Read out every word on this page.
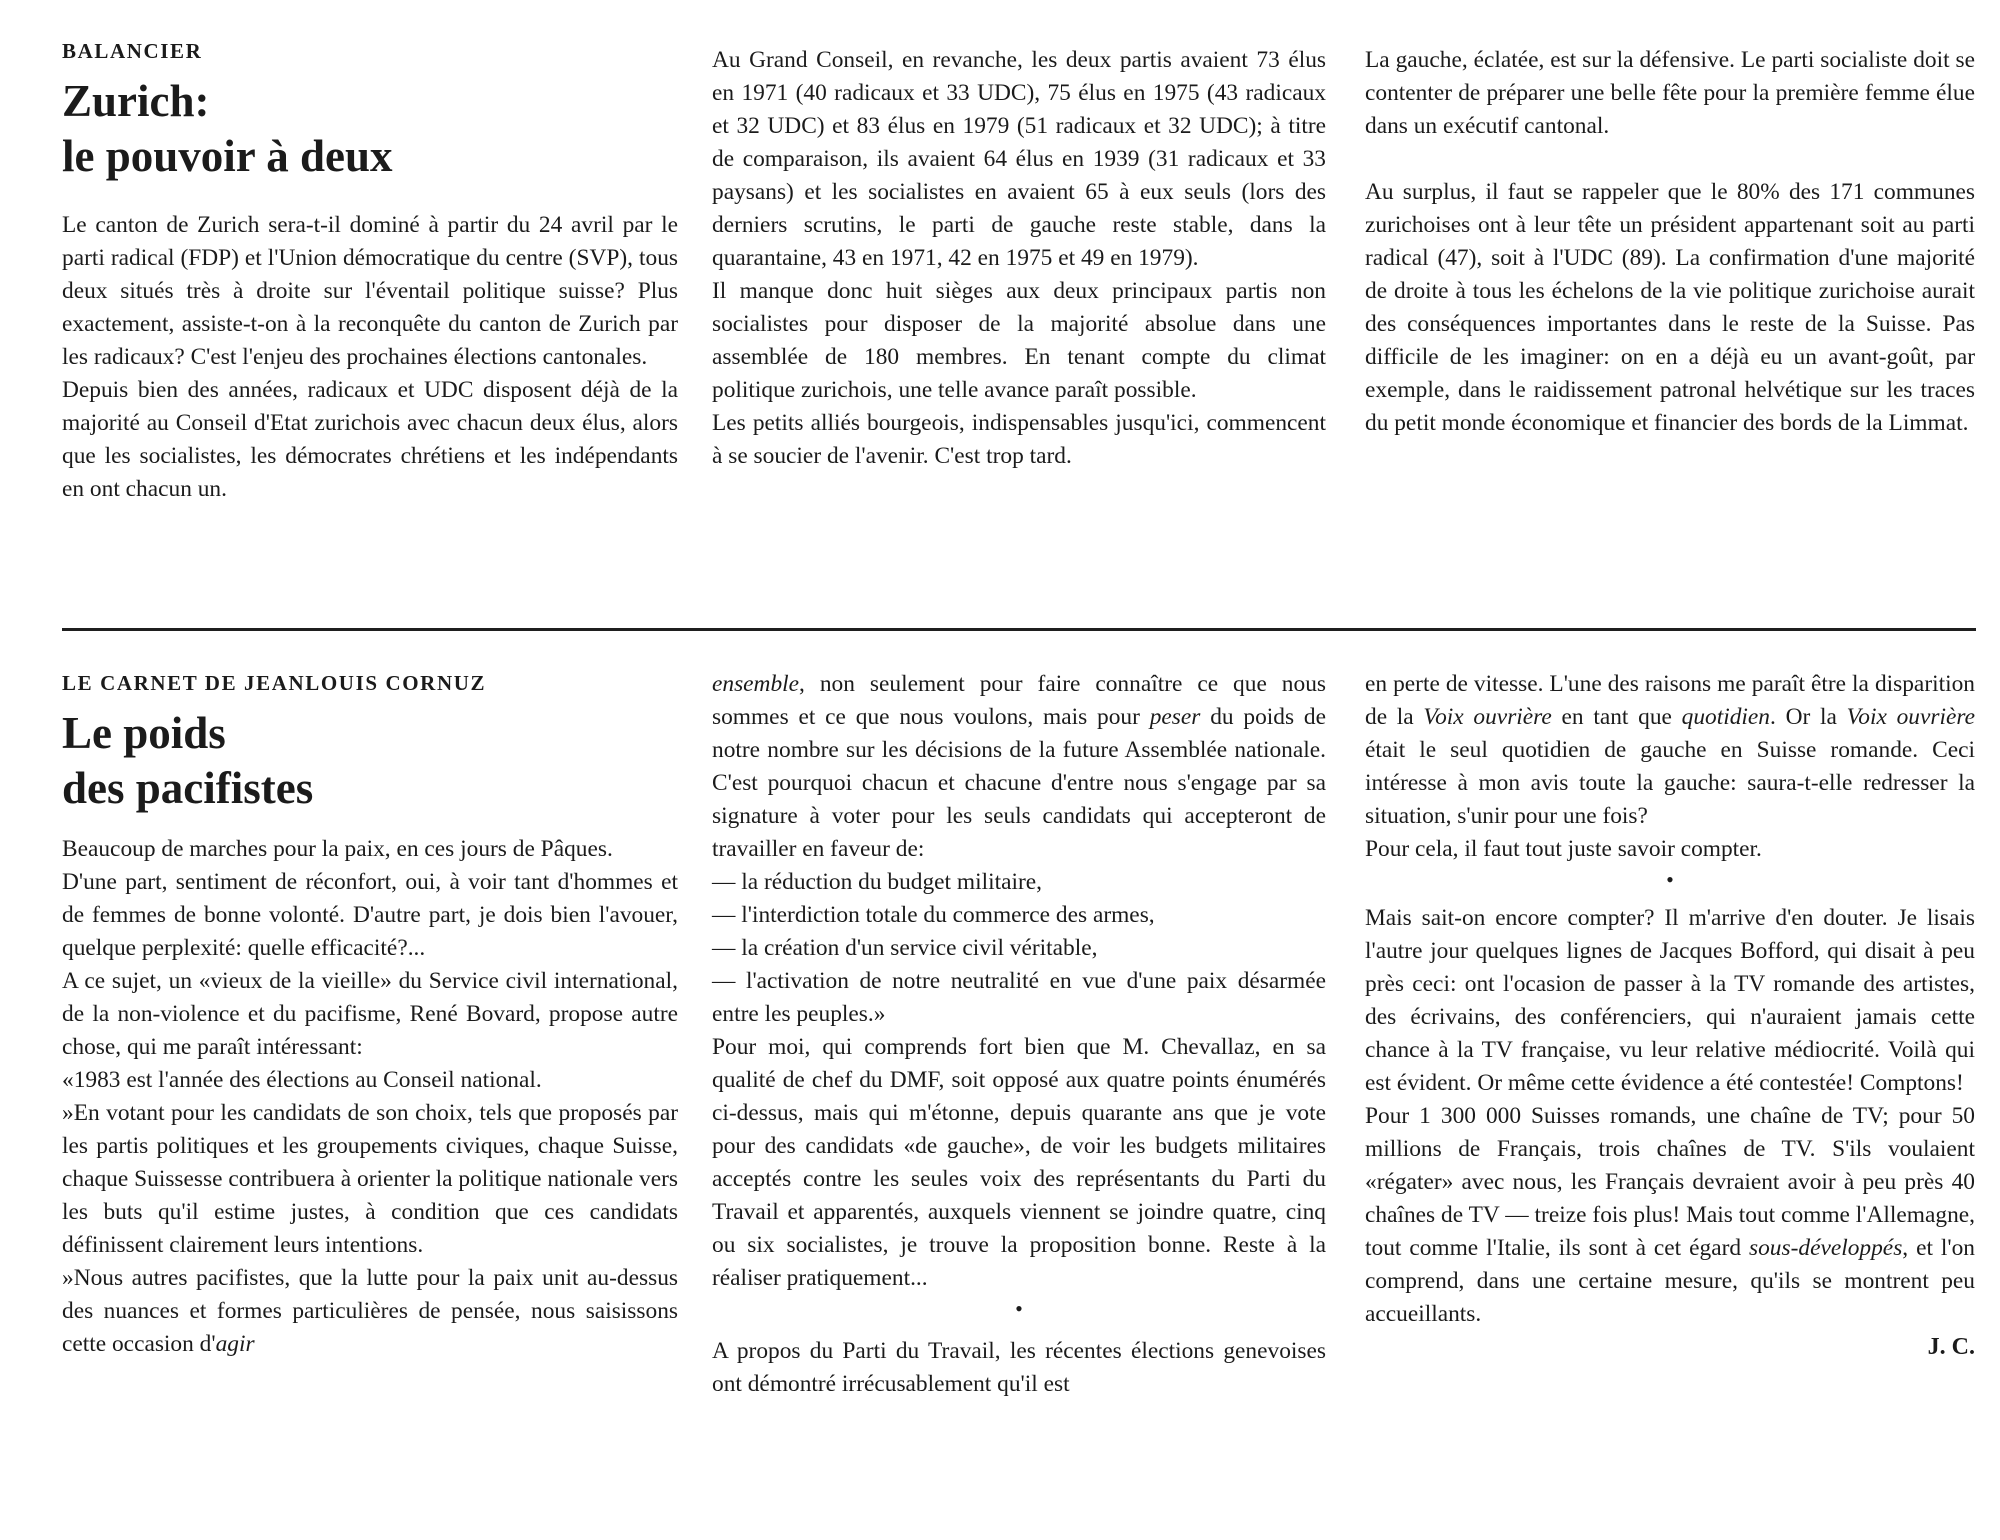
BALANCIER
Zurich:
le pouvoir à deux

Le canton de Zurich sera-t-il dominé à partir du 24 avril par le parti radical (FDP) et l'Union démocratique du centre (SVP), tous deux situés très à droite sur l'éventail politique suisse? Plus exactement, assiste-t-on à la reconquête du canton de Zurich par les radicaux? C'est l'enjeu des prochaines élections cantonales.

Depuis bien des années, radicaux et UDC disposent déjà de la majorité au Conseil d'Etat zurichois avec chacun deux élus, alors que les socialistes, les démocrates chrétiens et les indépendants en ont chacun un.

Au Grand Conseil, en revanche, les deux partis avaient 73 élus en 1971 (40 radicaux et 33 UDC), 75 élus en 1975 (43 radicaux et 32 UDC) et 83 élus en 1979 (51 radicaux et 32 UDC); à titre de comparaison, ils avaient 64 élus en 1939 (31 radicaux et 33 paysans) et les socialistes en avaient 65 à eux seuls (lors des derniers scrutins, le parti de gauche reste stable, dans la quarantaine, 43 en 1971, 42 en 1975 et 49 en 1979).

Il manque donc huit sièges aux deux principaux partis non socialistes pour disposer de la majorité absolue dans une assemblée de 180 membres. En tenant compte du climat politique zurichois, une telle avance paraît possible.

Les petits alliés bourgeois, indispensables jusqu'ici, commencent à se soucier de l'avenir. C'est trop tard.

La gauche, éclatée, est sur la défensive. Le parti socialiste doit se contenter de préparer une belle fête pour la première femme élue dans un exécutif cantonal.

Au surplus, il faut se rappeler que le 80% des 171 communes zurichoises ont à leur tête un président appartenant soit au parti radical (47), soit à l'UDC (89). La confirmation d'une majorité de droite à tous les échelons de la vie politique zurichoise aurait des conséquences importantes dans le reste de la Suisse. Pas difficile de les imaginer: on en a déjà eu un avant-goût, par exemple, dans le raidissement patronal helvétique sur les traces du petit monde économique et financier des bords de la Limmat.

LE CARNET DE JEANLOUIS CORNUZ
Le poids
des pacifistes

Beaucoup de marches pour la paix, en ces jours de Pâques.

D'une part, sentiment de réconfort, oui, à voir tant d'hommes et de femmes de bonne volonté. D'autre part, je dois bien l'avouer, quelque perplexité: quelle efficacité?...

A ce sujet, un «vieux de la vieille» du Service civil international, de la non-violence et du pacifisme, René Bovard, propose autre chose, qui me paraît intéressant:

«1983 est l'année des élections au Conseil national.

»En votant pour les candidats de son choix, tels que proposés par les partis politiques et les groupements civiques, chaque Suisse, chaque Suissesse contribuera à orienter la politique nationale vers les buts qu'il estime justes, à condition que ces candidats définissent clairement leurs intentions.

»Nous autres pacifistes, que la lutte pour la paix unit au-dessus des nuances et formes particulières de pensée, nous saisissons cette occasion d'agir

ensemble, non seulement pour faire connaître ce que nous sommes et ce que nous voulons, mais pour peser du poids de notre nombre sur les décisions de la future Assemblée nationale. C'est pourquoi chacun et chacune d'entre nous s'engage par sa signature à voter pour les seuls candidats qui accepteront de travailler en faveur de:

— la réduction du budget militaire,

— l'interdiction totale du commerce des armes,

— la création d'un service civil véritable,

— l'activation de notre neutralité en vue d'une paix désarmée entre les peuples.»

Pour moi, qui comprends fort bien que M. Chevallaz, en sa qualité de chef du DMF, soit opposé aux quatre points énumérés ci-dessus, mais qui m'étonne, depuis quarante ans que je vote pour des candidats «de gauche», de voir les budgets militaires acceptés contre les seules voix des représentants du Parti du Travail et apparentés, auxquels viennent se joindre quatre, cinq ou six socialistes, je trouve la proposition bonne. Reste à la réaliser pratiquement...

•

A propos du Parti du Travail, les récentes élections genevoises ont démontré irrécusablement qu'il est

en perte de vitesse. L'une des raisons me paraît être la disparition de la Voix ouvrière en tant que quotidien. Or la Voix ouvrière était le seul quotidien de gauche en Suisse romande. Ceci intéresse à mon avis toute la gauche: saura-t-elle redresser la situation, s'unir pour une fois?

Pour cela, il faut tout juste savoir compter.

•

Mais sait-on encore compter? Il m'arrive d'en douter. Je lisais l'autre jour quelques lignes de Jacques Bofford, qui disait à peu près ceci: ont l'ocasion de passer à la TV romande des artistes, des écrivains, des conférenciers, qui n'auraient jamais cette chance à la TV française, vu leur relative médiocrité. Voilà qui est évident. Or même cette évidence a été contestée! Comptons!

Pour 1 300 000 Suisses romands, une chaîne de TV; pour 50 millions de Français, trois chaînes de TV. S'ils voulaient «régater» avec nous, les Français devraient avoir à peu près 40 chaînes de TV — treize fois plus! Mais tout comme l'Allemagne, tout comme l'Italie, ils sont à cet égard sous-développés, et l'on comprend, dans une certaine mesure, qu'ils se montrent peu accueillants.

J. C.
